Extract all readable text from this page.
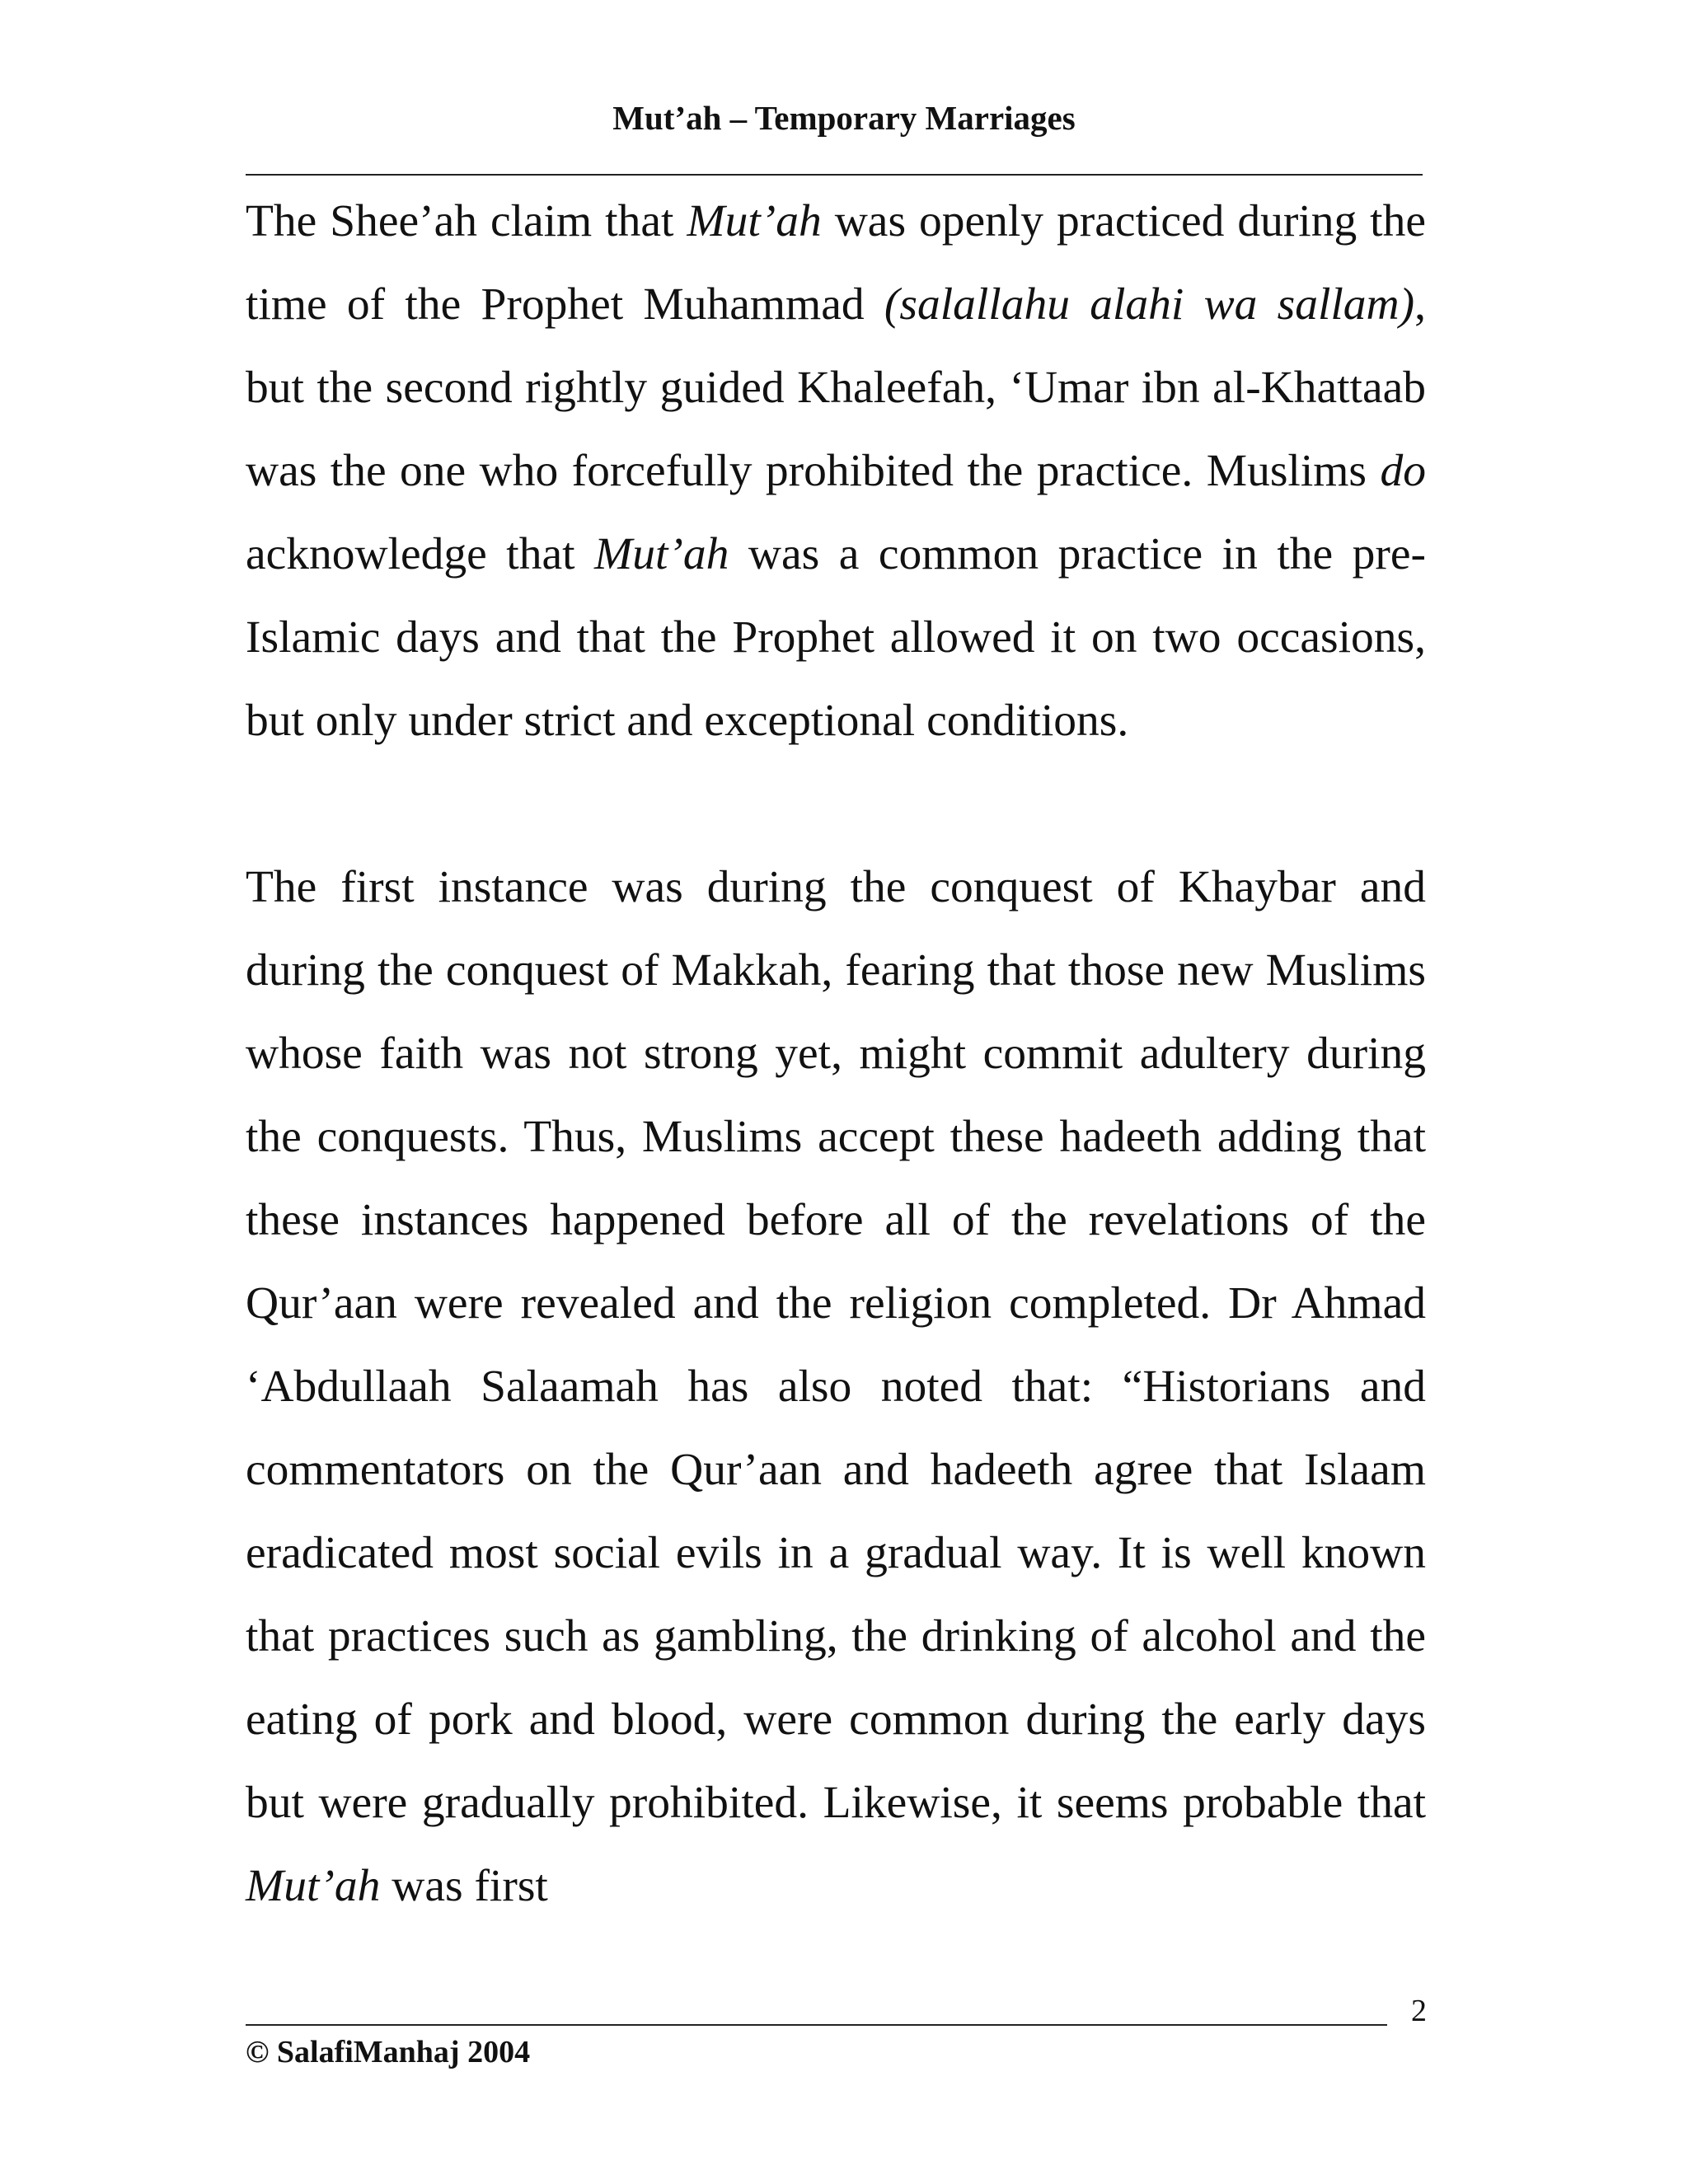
Mut’ah – Temporary Marriages

The Shee’ah claim that Mut’ah was openly practiced during the time of the Prophet Muhammad (salallahu alahi wa sallam), but the second rightly guided Khaleefah, ‘Umar ibn al-Khattaab was the one who forcefully prohibited the practice. Muslims do acknowledge that Mut’ah was a common practice in the pre-Islamic days and that the Prophet allowed it on two occasions, but only under strict and exceptional conditions.

The first instance was during the conquest of Khaybar and during the conquest of Makkah, fearing that those new Muslims whose faith was not strong yet, might commit adultery during the conquests. Thus, Muslims accept these hadeeth adding that these instances happened before all of the revelations of the Qur’aan were revealed and the religion completed. Dr Ahmad ‘Abdullaah Salaamah has also noted that: “Historians and commentators on the Qur’aan and hadeeth agree that Islaam eradicated most social evils in a gradual way. It is well known that practices such as gambling, the drinking of alcohol and the eating of pork and blood, were common during the early days but were gradually prohibited. Likewise, it seems probable that Mut’ah was first

2
© SalafiManhaj 2004
